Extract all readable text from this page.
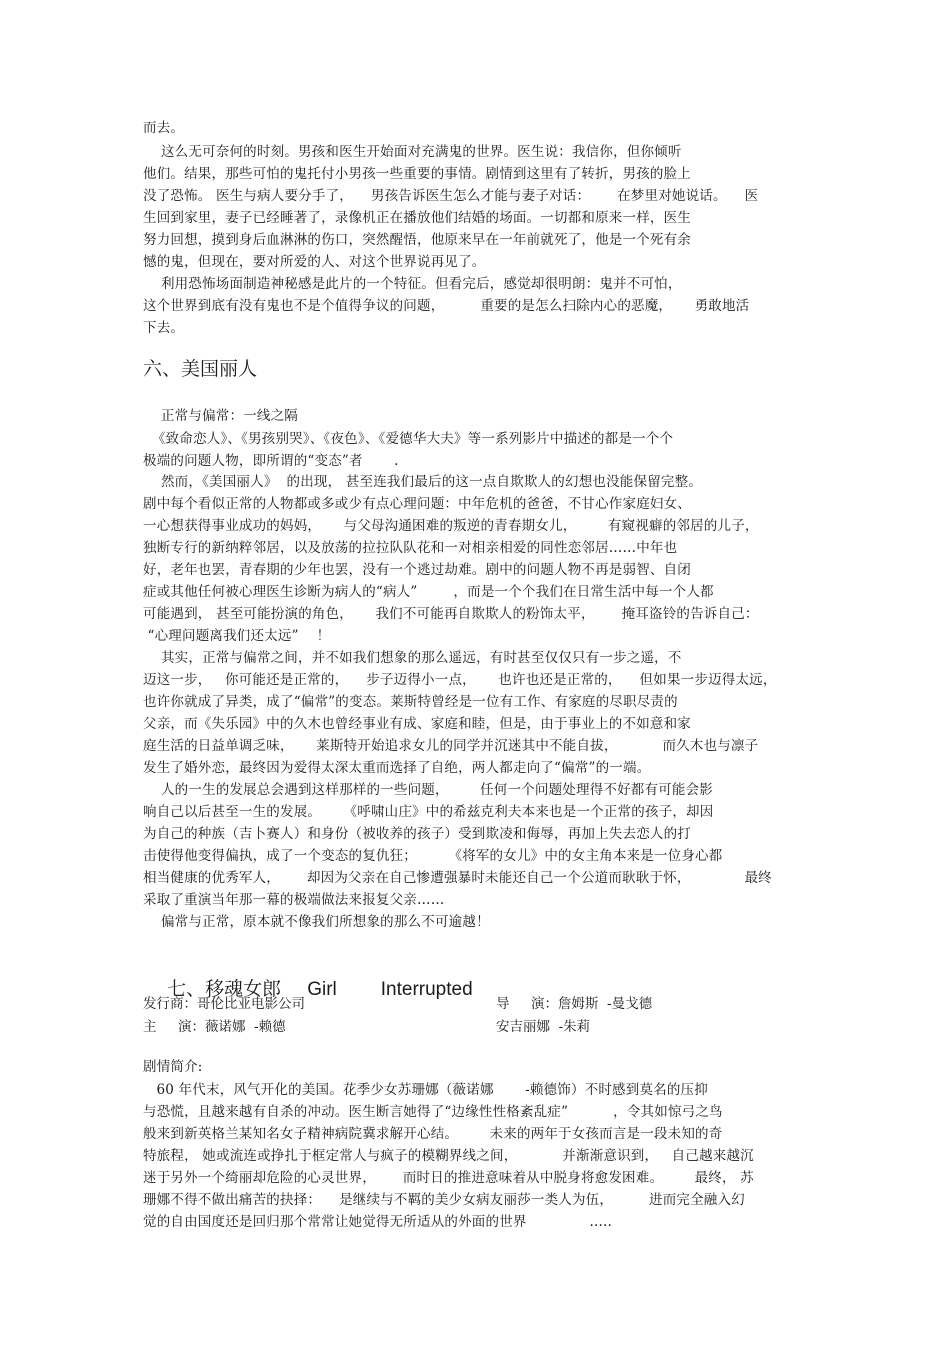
而去。
这么无可奈何的时刻。男孩和医生开始面对充满鬼的世界。医生说：我信你，但你倾听
他们。结果，那些可怕的鬼托付小男孩一些重要的事情。剧情到这里有了转折，男孩的脸上
没了恐怖。 医生与病人要分手了，    男孩告诉医生怎么才能与妻子对话：      在梦里对她说话。    医
生回到家里，妻子已经睡著了，录像机正在播放他们结婚的场面。一切都和原来一样，医生
努力回想，摸到身后血淋淋的伤口，突然醒悟，他原来早在一年前就死了，他是一个死有余
憾的鬼，但现在，要对所爱的人、对这个世界说再见了。
利用恐怖场面制造神秘感是此片的一个特征。但看完后，感觉却很明朗：鬼并不可怕，
这个世界到底有没有鬼也不是个值得争议的问题，        重要的是怎么扫除内心的恶魔，     勇敢地活
下去。
六、美国丽人
正常与偏常：一线之隔
《致命恋人》、《男孩别哭》、《夜色》、《爱德华大夫》等一系列影片中描述的都是一个个
极端的问题人物，即所谓的“变态”者       .
然而，《美国丽人》  的出现， 甚至连我们最后的这一点自欺欺人的幻想也没能保留完整。
剧中每个看似正常的人物都或多或少有点心理问题：中年危机的爸爸，不甘心作家庭妇女、
一心想获得事业成功的妈妈，     与父母沟通困难的叛逆的青春期女儿，       有窥视癖的邻居的儿子，
独断专行的新纳粹邻居，以及放荡的拉拉队队花和一对相亲相爱的同性恋邻居……中年也
好，老年也罢，青春期的少年也罢，没有一个逃过劫难。剧中的问题人物不再是弱智、自闭
症或其他任何被心理医生诊断为病人的“病人”        ，而是一个个我们在日常生活中每一个人都
可能遇到， 甚至可能扮演的角色，     我们不可能再自欺欺人的粉饰太平，      掩耳盗铃的告诉自己：
“心理问题离我们还太远”    ！
其实，正常与偏常之间，并不如我们想象的那么遥远，有时甚至仅仅只有一步之遥，不
迈这一步，   你可能还是正常的，    步子迈得小一点，     也许也还是正常的，    但如果一步迈得太远，
也许你就成了异类，成了“偏常”的变态。莱斯特曾经是一位有工作、有家庭的尽职尽责的
父亲，而《失乐园》中的久木也曾经事业有成、家庭和睦，但是，由于事业上的不如意和家
庭生活的日益单调乏味，     莱斯特开始追求女儿的同学并沉迷其中不能自拔，          而久木也与凛子
发生了婚外恋，最终因为爱得太深太重而选择了自绝，两人都走向了“偏常”的一端。
人的一生的发展总会遇到这样那样的一些问题，       任何一个问题处理得不好都有可能会影
响自己以后甚至一生的发展。     《呼啸山庄》中的希兹克利夫本来也是一个正常的孩子，却因
为自己的种族（吉卜赛人）和身份（被收养的孩子）受到欺凌和侮辱，再加上失去恋人的打
击使得他变得偏执，成了一个变态的复仇狂；       《将军的女儿》中的女主角本来是一位身心都
相当健康的优秀军人，      却因为父亲在自己惨遭强暴时未能还自己一个公道而耿耿于怀，            最终
采取了重演当年那一幕的极端做法来报复父亲……
偏常与正常，原本就不像我们所想象的那么不可逾越！

七、移魂女郎 Girl Interrupted

发行商：哥伦比亚电影公司	导     演：詹姆斯  -曼戈德
主     演：薇诺娜  -赖德	安吉丽娜  -朱莉
剧情简介:
60 年代末，风气开化的美国。花季少女苏珊娜（薇诺娜       -赖德饰）不时感到莫名的压抑
与恐慌，且越来越有自杀的冲动。医生断言她得了“边缘性性格紊乱症”          ，令其如惊弓之鸟
般来到新英格兰某知名女子精神病院冀求解开心结。       未来的两年于女孩而言是一段未知的奇
特旅程， 她或流连或挣扎于框定常人与疯子的模糊界线之间，          并渐渐意识到，   自己越来越沉
迷于另外一个绮丽却危险的心灵世界，      而时日的推进意味着从中脱身将愈发困难。       最终， 苏
珊娜不得不做出痛苦的抉择：    是继续与不羁的美少女病友丽莎一类人为伍，        进而完全融入幻
觉的自由国度还是回归那个常常让她觉得无所适从的外面的世界              .....
